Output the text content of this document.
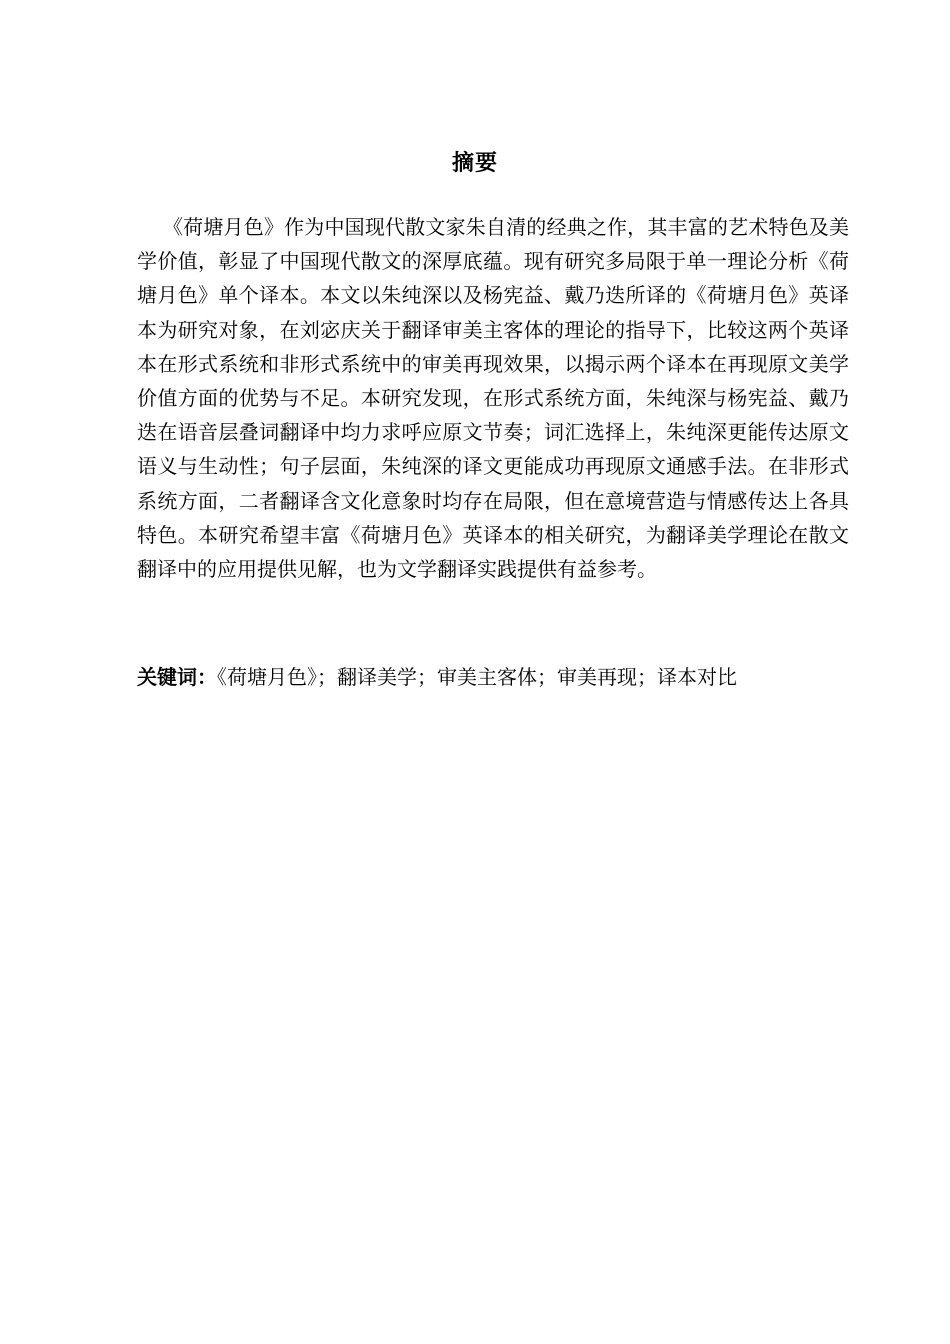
摘要

《荷塘月色》作为中国现代散文家朱自清的经典之作，其丰富的艺术特色及美学价值，彰显了中国现代散文的深厚底蕴。现有研究多局限于单一理论分析《荷塘月色》单个译本。本文以朱纯深以及杨宪益、戴乃迭所译的《荷塘月色》英译本为研究对象，在刘宓庆关于翻译审美主客体的理论的指导下，比较这两个英译本在形式系统和非形式系统中的审美再现效果，以揭示两个译本在再现原文美学价值方面的优势与不足。本研究发现，在形式系统方面，朱纯深与杨宪益、戴乃迭在语音层叠词翻译中均力求呼应原文节奏；词汇选择上，朱纯深更能传达原文语义与生动性；句子层面，朱纯深的译文更能成功再现原文通感手法。在非形式系统方面，二者翻译含文化意象时均存在局限，但在意境营造与情感传达上各具特色。本研究希望丰富《荷塘月色》英译本的相关研究，为翻译美学理论在散文翻译中的应用提供见解，也为文学翻译实践提供有益参考。

关键词：《荷塘月色》；翻译美学；审美主客体；审美再现；译本对比
